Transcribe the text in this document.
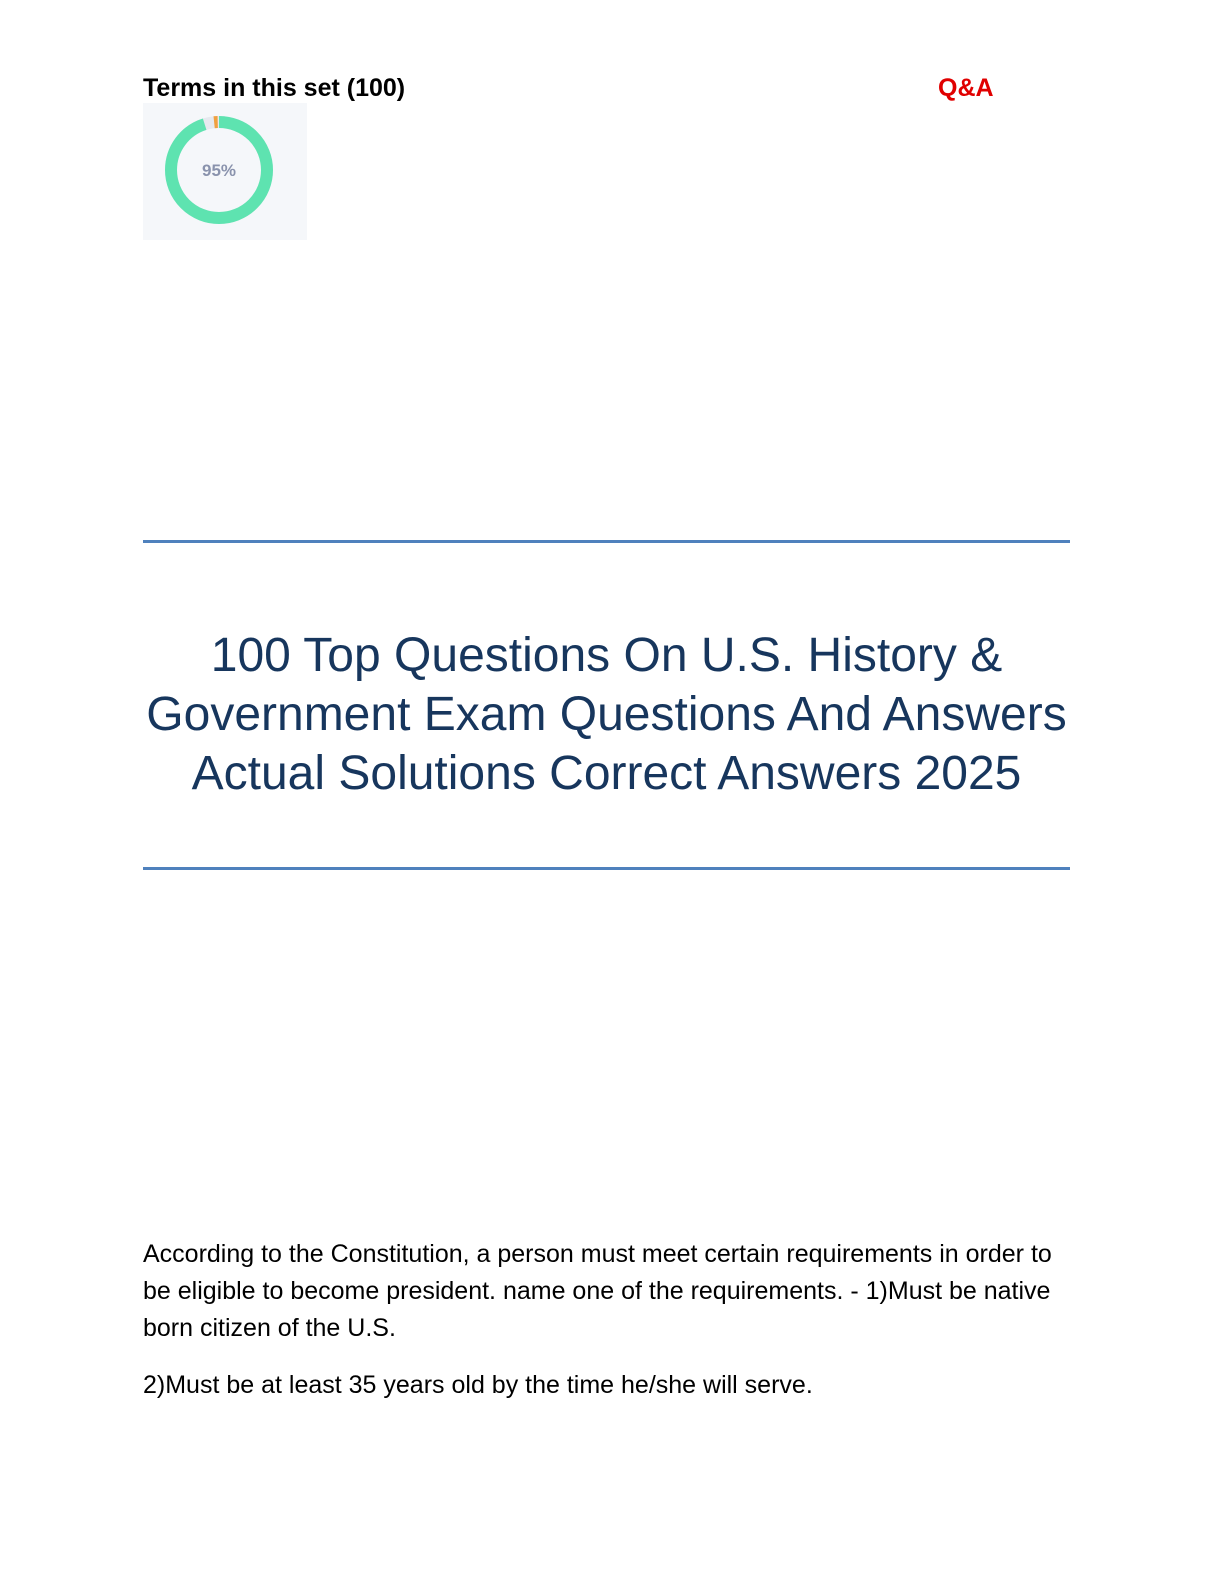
Terms in this set (100)	Q&A
95%
100 Top Questions On U.S. History & Government Exam Questions And Answers Actual Solutions Correct Answers 2025
According to the Constitution, a person must meet certain requirements in order to be eligible to become president. name one of the requirements. - 1)Must be native born citizen of the U.S.
2)Must be at least 35 years old by the time he/she will serve.
